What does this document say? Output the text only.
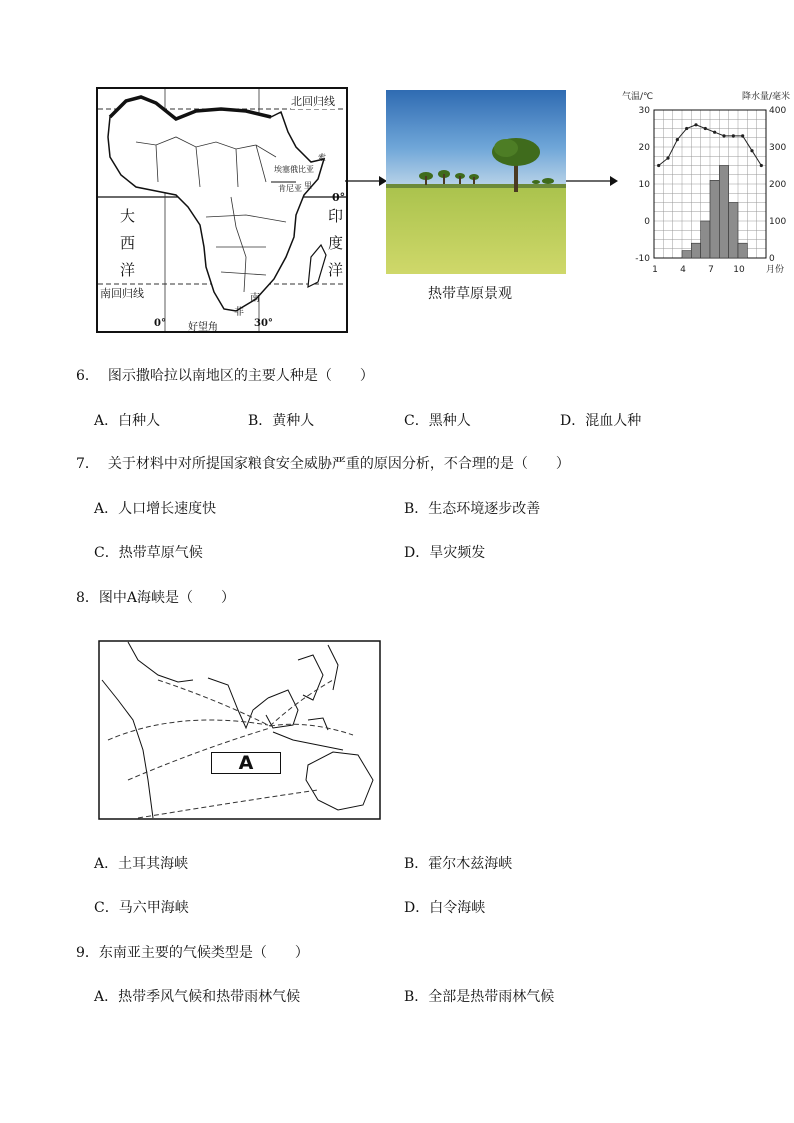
北回归线
南回归线
大
西
洋
印
度
洋
0°
0°	30°
好望角
南
非
埃塞俄比亚
索
肯尼亚 里
热带草原景观
气温/℃	降水量/毫米
30
20
10
0
-10
400
300
200
100
0
1 4 7 10 月份
6． 图示撒哈拉以南地区的主要人种是（　　）
A．白种人	B．黄种人	C．黑种人	D．混血人种
7． 关于材料中对所提国家粮食安全威胁严重的原因分析，不合理的是（　　）
A．人口增长速度快	B．生态环境逐步改善
C．热带草原气候	D．旱灾频发
8．图中A海峡是（　　）
A
A．土耳其海峡	B．霍尔木兹海峡
C．马六甲海峡	D．白令海峡
9．东南亚主要的气候类型是（　　）
A．热带季风气候和热带雨林气候	B．全部是热带雨林气候
